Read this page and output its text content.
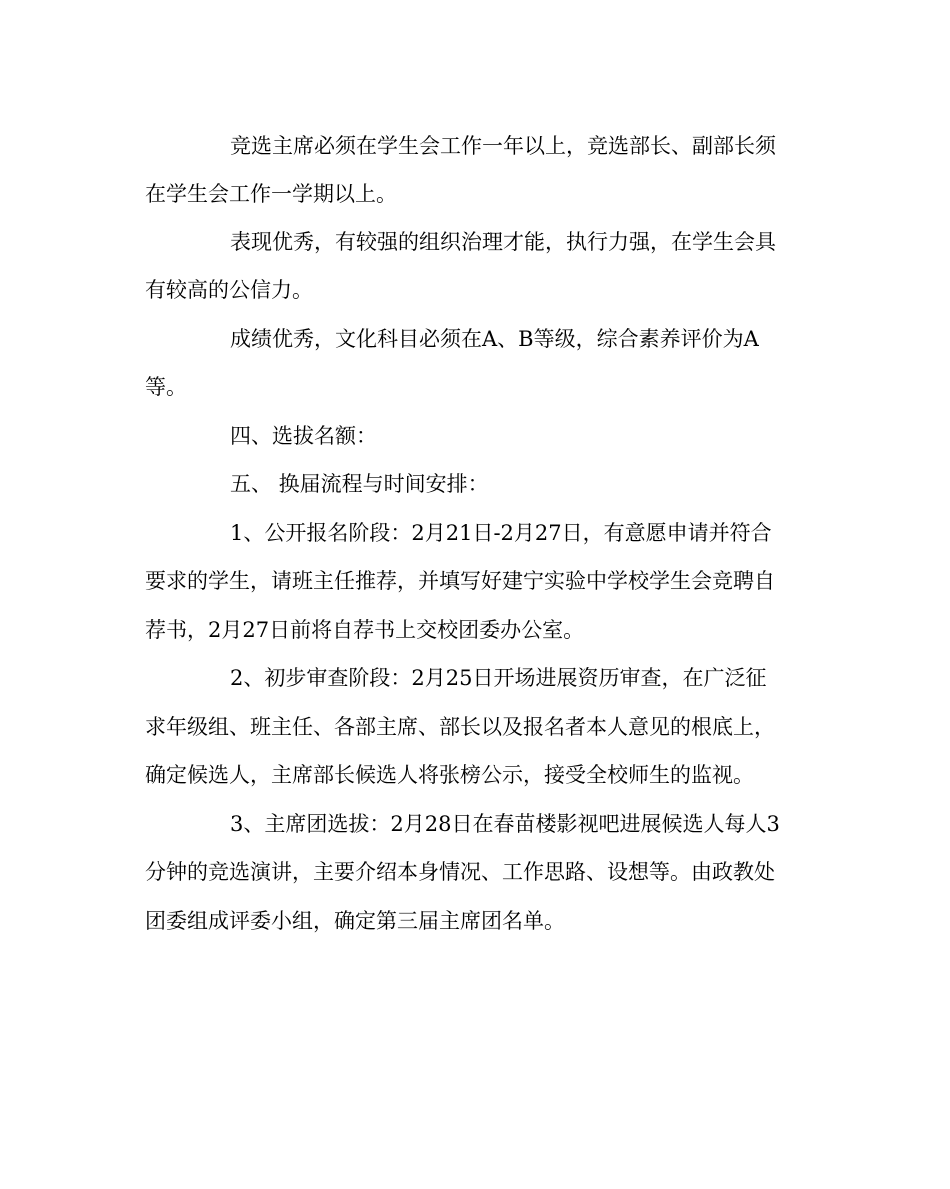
竞选主席必须在学生会工作一年以上，竞选部长、副部长须
在学生会工作一学期以上。
表现优秀，有较强的组织治理才能，执行力强，在学生会具
有较高的公信力。
成绩优秀，文化科目必须在A、B等级，综合素养评价为A
等。
四、选拔名额：
五、 换届流程与时间安排：
1、公开报名阶段：2月21日-2月27日，有意愿申请并符合
要求的学生，请班主任推荐，并填写好建宁实验中学校学生会竞聘自
荐书，2月27日前将自荐书上交校团委办公室。
2、初步审查阶段：2月25日开场进展资历审查，在广泛征
求年级组、班主任、各部主席、部长以及报名者本人意见的根底上，
确定候选人，主席部长候选人将张榜公示，接受全校师生的监视。
3、主席团选拔：2月28日在春苗楼影视吧进展候选人每人3
分钟的竞选演讲，主要介绍本身情况、工作思路、设想等。由政教处
团委组成评委小组，确定第三届主席团名单。
